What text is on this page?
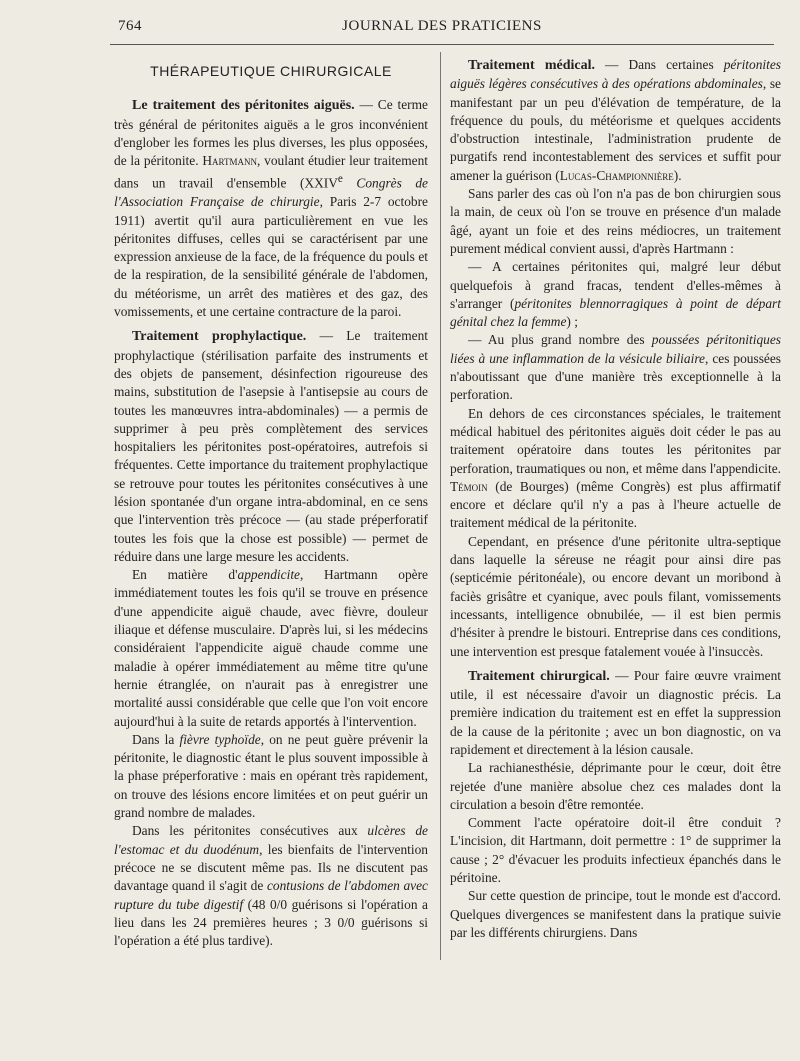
764	JOURNAL DES PRATICIENS
THÉRAPEUTIQUE CHIRURGICALE

Le traitement des péritonites aiguës. — Ce terme très général de péritonites aiguës a le gros inconvénient d'englober les formes les plus diverses, les plus opposées, de la péritonite. Hartmann, voulant étudier leur traitement dans un travail d'ensemble (XXIVe Congrès de l'Association Française de chirurgie, Paris 2-7 octobre 1911) avertit qu'il aura particulièrement en vue les péritonites diffuses, celles qui se caractérisent par une expression anxieuse de la face, de la fréquence du pouls et de la respiration, de la sensibilité générale de l'abdomen, du météorisme, un arrêt des matières et des gaz, des vomissements, et une certaine contracture de la paroi.

Traitement prophylactique. — Le traitement prophylactique (stérilisation parfaite des instruments et des objets de pansement, désinfection rigoureuse des mains, substitution de l'asepsie à l'antisepsie au cours de toutes les manœuvres intra-abdominales) — a permis de supprimer à peu près complètement des services hospitaliers les péritonites post-opératoires, autrefois si fréquentes. Cette importance du traitement prophylactique se retrouve pour toutes les péritonites consécutives à une lésion spontanée d'un organe intra-abdominal, en ce sens que l'intervention très précoce — (au stade préperforatif toutes les fois que la chose est possible) — permet de réduire dans une large mesure les accidents.

En matière d'appendicite, Hartmann opère immédiatement toutes les fois qu'il se trouve en présence d'une appendicite aiguë chaude, avec fièvre, douleur iliaque et défense musculaire. D'après lui, si les médecins considéraient l'appendicite aiguë chaude comme une maladie à opérer immédiatement au même titre qu'une hernie étranglée, on n'aurait pas à enregistrer une mortalité aussi considérable que celle que l'on voit encore aujourd'hui à la suite de retards apportés à l'intervention.

Dans la fièvre typhoïde, on ne peut guère prévenir la péritonite, le diagnostic étant le plus souvent impossible à la phase préperforative : mais en opérant très rapidement, on trouve des lésions encore limitées et on peut guérir un grand nombre de malades.

Dans les péritonites consécutives aux ulcères de l'estomac et du duodénum, les bienfaits de l'intervention précoce ne se discutent même pas. Ils ne discutent pas davantage quand il s'agit de contusions de l'abdomen avec rupture du tube digestif (48 0/0 guérisons si l'opération a lieu dans les 24 premières heures ; 3 0/0 guérisons si l'opération a été plus tardive).

Traitement médical. — Dans certaines péritonites aiguës légères consécutives à des opérations abdominales, se manifestant par un peu d'élévation de température, de la fréquence du pouls, du météorisme et quelques accidents d'obstruction intestinale, l'administration prudente de purgatifs rend incontestablement des services et suffit pour amener la guérison (Lucas-Championnière).

Sans parler des cas où l'on n'a pas de bon chirurgien sous la main, de ceux où l'on se trouve en présence d'un malade âgé, ayant un foie et des reins médiocres, un traitement purement médical convient aussi, d'après Hartmann :

— A certaines péritonites qui, malgré leur début quelquefois à grand fracas, tendent d'elles-mêmes à s'arranger (péritonites blennorragiques à point de départ génital chez la femme) ;

— Au plus grand nombre des poussées péritonitiques liées à une inflammation de la vésicule biliaire, ces poussées n'aboutissant que d'une manière très exceptionnelle à la perforation.

En dehors de ces circonstances spéciales, le traitement médical habituel des péritonites aiguës doit céder le pas au traitement opératoire dans toutes les péritonites par perforation, traumatiques ou non, et même dans l'appendicite. Témoin (de Bourges) (même Congrès) est plus affirmatif encore et déclare qu'il n'y a pas à l'heure actuelle de traitement médical de la péritonite.

Cependant, en présence d'une péritonite ultra-septique dans laquelle la séreuse ne réagit pour ainsi dire pas (septicémie péritonéale), ou encore devant un moribond à faciès grisâtre et cyanique, avec pouls filant, vomissements incessants, intelligence obnubilée, — il est bien permis d'hésiter à prendre le bistouri. Entreprise dans ces conditions, une intervention est presque fatalement vouée à l'insuccès.

Traitement chirurgical. — Pour faire œuvre vraiment utile, il est nécessaire d'avoir un diagnostic précis. La première indication du traitement est en effet la suppression de la cause de la péritonite ; avec un bon diagnostic, on va rapidement et directement à la lésion causale.

La rachianesthésie, déprimante pour le cœur, doit être rejetée d'une manière absolue chez ces malades dont la circulation a besoin d'être remontée.

Comment l'acte opératoire doit-il être conduit ? L'incision, dit Hartmann, doit permettre : 1° de supprimer la cause ; 2° d'évacuer les produits infectieux épanchés dans le péritoine.

Sur cette question de principe, tout le monde est d'accord. Quelques divergences se manifestent dans la pratique suivie par les différents chirurgiens. Dans
